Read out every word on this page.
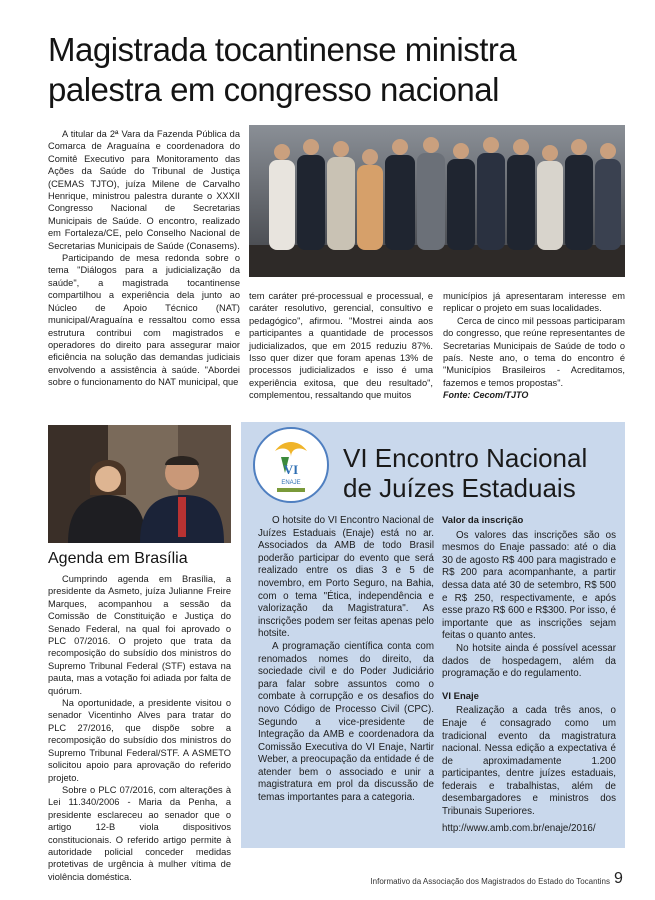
Magistrada tocantinense ministra palestra em congresso nacional

A titular da 2ª Vara da Fazenda Pública da Comarca de Araguaína e coordenadora do Comitê Executivo para Monitoramento das Ações da Saúde do Tribunal de Justiça (CEMAS TJTO), juíza Milene de Carvalho Henrique, ministrou palestra durante o XXXII Congresso Nacional de Secretarias Municipais de Saúde. O encontro, realizado em Fortaleza/CE, pelo Conselho Nacional de Secretarias Municipais de Saúde (Conasems).

Participando de mesa redonda sobre o tema "Diálogos para a judicialização da saúde", a magistrada tocantinense compartilhou a experiência dela junto ao Núcleo de Apoio Técnico (NAT) municipal/Araguaína e ressaltou como essa estrutura contribui com magistrados e operadores do direito para assegurar maior eficiência na solução das demandas judiciais envolvendo a assistência à saúde. "Abordei sobre o funcionamento do NAT municipal, que

tem caráter pré-processual e processual, e caráter resolutivo, gerencial, consultivo e pedagógico", afirmou. "Mostrei ainda aos participantes a quantidade de processos judicializados, que em 2015 reduziu 87%. Isso quer dizer que foram apenas 13% de processos judicializados e isso é uma experiência exitosa, que deu resultado", complementou, ressaltando que muitos

municípios já apresentaram interesse em replicar o projeto em suas localidades.

Cerca de cinco mil pessoas participaram do congresso, que reúne representantes de Secretarias Municipais de Saúde de todo o país. Neste ano, o tema do encontro é "Municípios Brasileiros - Acreditamos, fazemos e temos propostas".

Fonte: Cecom/TJTO
Agenda em Brasília

Cumprindo agenda em Brasília, a presidente da Asmeto, juíza Julianne Freire Marques, acompanhou a sessão da Comissão de Constituição e Justiça do Senado Federal, na qual foi aprovado o PLC 07/2016. O projeto que trata da recomposição do subsídio dos ministros do Supremo Tribunal Federal (STF) estava na pauta, mas a votação foi adiada por falta de quórum.

Na oportunidade, a presidente visitou o senador Vicentinho Alves para tratar do PLC 27/2016, que dispõe sobre a recomposição do subsídio dos ministros do Supremo Tribunal Federal/STF. A ASMETO solicitou apoio para aprovação do referido projeto.

Sobre o PLC 07/2016, com alterações à Lei 11.340/2006 - Maria da Penha, a presidente esclareceu ao senador que o artigo 12-B viola dispositivos constitucionais. O referido artigo permite à autoridade policial conceder medidas protetivas de urgência à mulher vítima de violência doméstica.

VI
ENAJE
VI Encontro Nacional
de Juízes Estaduais

O hotsite do VI Encontro Nacional de Juízes Estaduais (Enaje) está no ar. Associados da AMB de todo Brasil poderão participar do evento que será realizado entre os dias 3 e 5 de novembro, em Porto Seguro, na Bahia, com o tema "Ética, independência e valorização da Magistratura". As inscrições podem ser feitas apenas pelo hotsite.

A programação científica conta com renomados nomes do direito, da sociedade civil e do Poder Judiciário para falar sobre assuntos como o combate à corrupção e os desafios do novo Código de Processo Civil (CPC). Segundo a vice-presidente de Integração da AMB e coordenadora da Comissão Executiva do VI Enaje, Nartir Weber, a preocupação da entidade é de atender bem o associado e unir a magistratura em prol da discussão de temas importantes para a categoria.

Valor da inscrição

Os valores das inscrições são os mesmos do Enaje passado: até o dia 30 de agosto R$ 400 para magistrado e R$ 200 para acompanhante, a partir dessa data até 30 de setembro, R$ 500 e R$ 250, respectivamente, e após esse prazo R$ 600 e R$300. Por isso, é importante que as inscrições sejam feitas o quanto antes.

No hotsite ainda é possível acessar dados de hospedagem, além da programação e do regulamento.

VI Enaje

Realização a cada três anos, o Enaje é consagrado como um tradicional evento da magistratura nacional. Nessa edição a expectativa é de aproximadamente 1.200 participantes, dentre juízes estaduais, federais e trabalhistas, além de desembargadores e ministros dos Tribunais Superiores.

http://www.amb.com.br/enaje/2016/
Informativo da Associação dos Magistrados do Estado do Tocantins 9
